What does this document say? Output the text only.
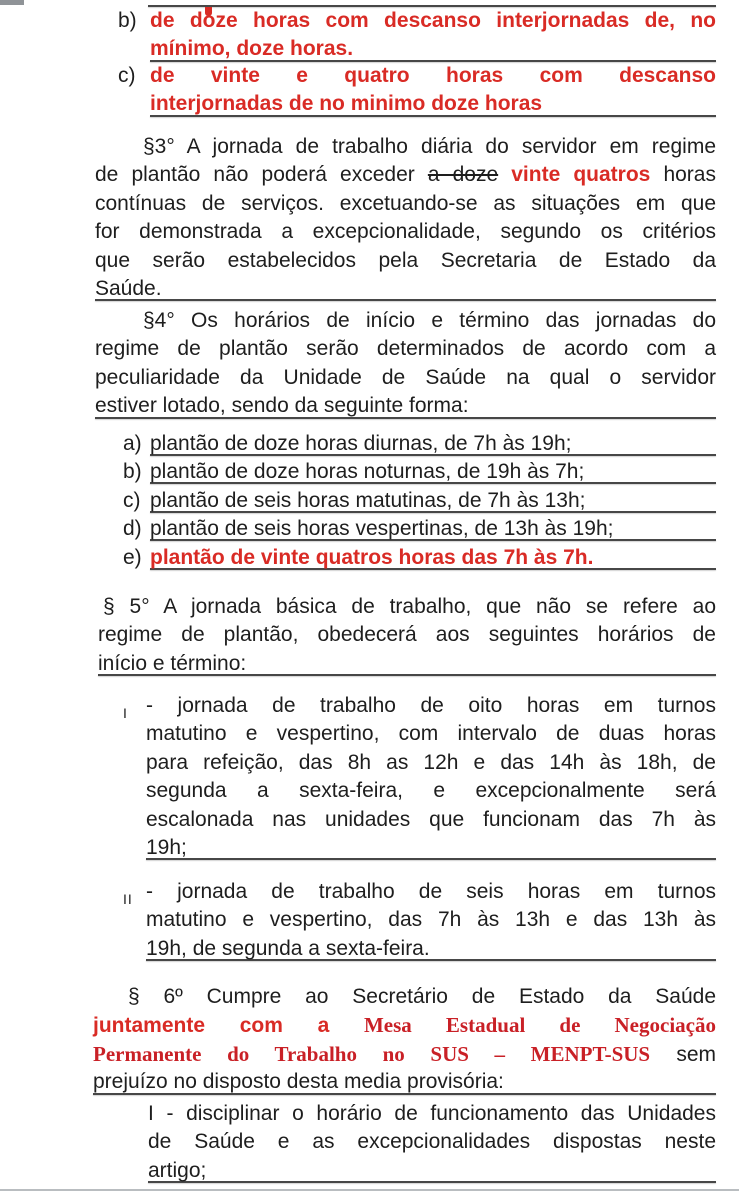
b) de doze horas com descanso interjornadas de, no
mínimo, doze horas.
c) de vinte e quatro horas com descanso
interjornadas de no minimo doze horas
§3° A jornada de trabalho diária do servidor em regime
de plantão não poderá exceder a doze vinte quatros horas
contínuas de serviços. excetuando-se as situações em que
for demonstrada a excepcionalidade, segundo os critérios
que serão estabelecidos pela Secretaria de Estado da
Saúde.
§4° Os horários de início e término das jornadas do
regime de plantão serão determinados de acordo com a
peculiaridade da Unidade de Saúde na qual o servidor
estiver lotado, sendo da seguinte forma:
a) plantão de doze horas diurnas, de 7h às 19h;
b) plantão de doze horas noturnas, de 19h às 7h;
c) plantão de seis horas matutinas, de 7h às 13h;
d) plantão de seis horas vespertinas, de 13h às 19h;
e) plantão de vinte quatros horas das 7h às 7h.
§ 5° A jornada básica de trabalho, que não se refere ao
regime de plantão, obedecerá aos seguintes horários de
início e término:
I - jornada de trabalho de oito horas em turnos
matutino e vespertino, com intervalo de duas horas
para refeição, das 8h as 12h e das 14h às 18h, de
segunda a sexta-feira, e excepcionalmente será
escalonada nas unidades que funcionam das 7h às
19h;
II - jornada de trabalho de seis horas em turnos
matutino e vespertino, das 7h às 13h e das 13h às
19h, de segunda a sexta-feira.
§ 6º Cumpre ao Secretário de Estado da Saúde
juntamente com a Mesa Estadual de Negociação
Permanente do Trabalho no SUS – MENPT-SUS sem
prejuízo no disposto desta media provisória:
I - disciplinar o horário de funcionamento das Unidades
de Saúde e as excepcionalidades dispostas neste
artigo;
